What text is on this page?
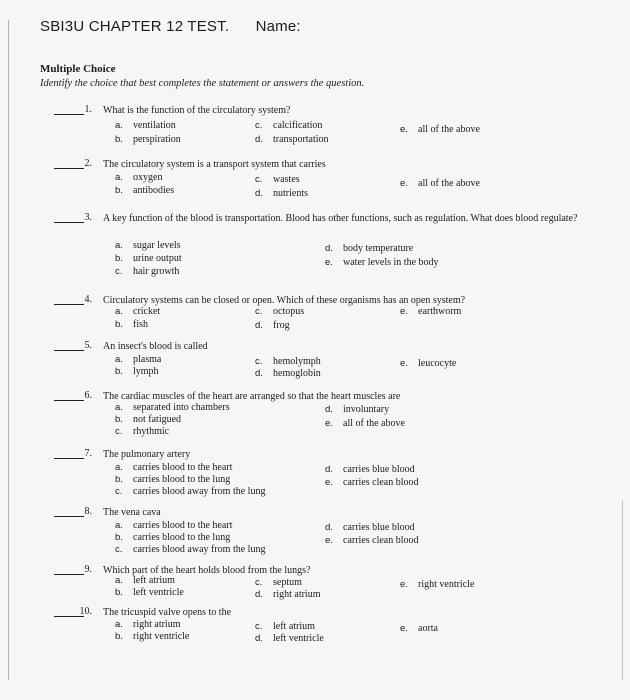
SBI3U CHAPTER 12 TEST. Name:
Multiple Choice
Identify the choice that best completes the statement or answers the question.
1. What is the function of the circulatory system?
a. ventilation
b. perspiration
c. calcification
d. transportation
e. all of the above
2. The circulatory system is a transport system that carries
a. oxygen
b. antibodies
c. wastes
d. nutrients
e. all of the above
3. A key function of the blood is transportation. Blood has other functions, such as regulation. What does blood regulate?
a. sugar levels
b. urine output
c. hair growth
d. body temperature
e. water levels in the body
4. Circulatory systems can be closed or open. Which of these organisms has an open system?
a. cricket
b. fish
c. octopus
d. frog
e. earthworm
5. An insect's blood is called
a. plasma
b. lymph
c. hemolymph
d. hemoglobin
e. leucocyte
6. The cardiac muscles of the heart are arranged so that the heart muscles are
a. separated into chambers
b. not fatigued
c. rhythmic
d. involuntary
e. all of the above
7. The pulmonary artery
a. carries blood to the heart
b. carries blood to the lung
c. carries blood away from the lung
d. carries blue blood
e. carries clean blood
8. The vena cava
a. carries blood to the heart
b. carries blood to the lung
c. carries blood away from the lung
d. carries blue blood
e. carries clean blood
9. Which part of the heart holds blood from the lungs?
a. left atrium
b. left ventricle
c. septum
d. right atrium
e. right ventricle
10. The tricuspid valve opens to the
a. right atrium
b. right ventricle
c. left atrium
d. left ventricle
e. aorta
